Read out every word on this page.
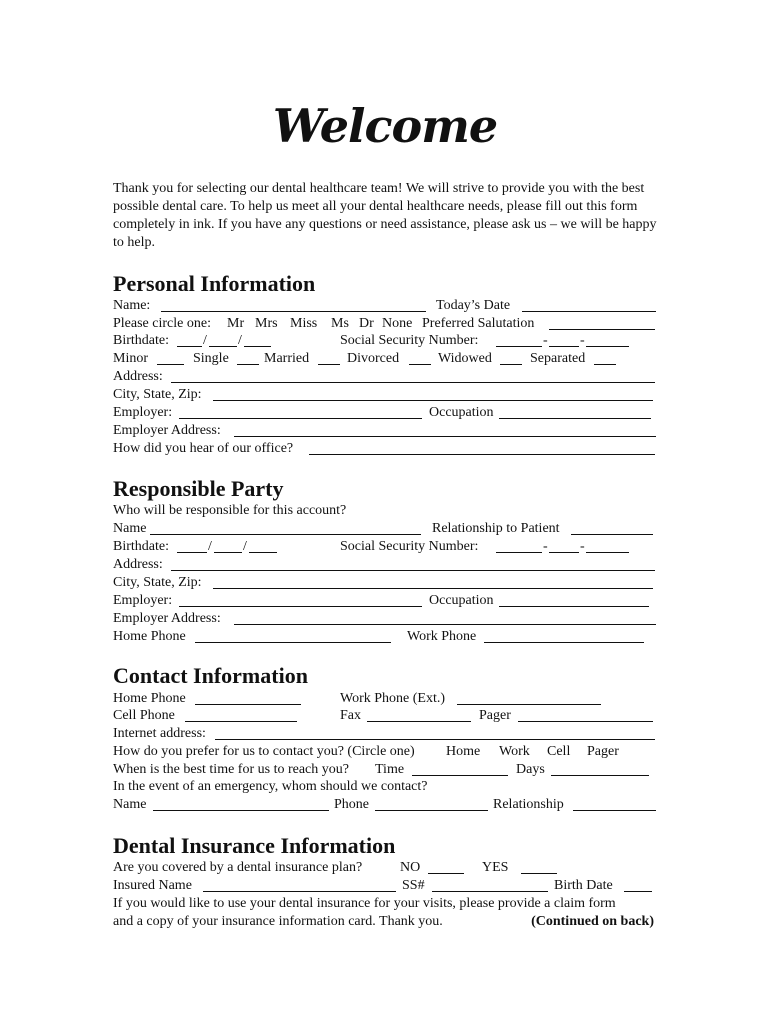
Welcome
Thank you for selecting our dental healthcare team! We will strive to provide you with the best possible dental care. To help us meet all your dental healthcare needs, please fill out this form completely in ink. If you have any questions or need assistance, please ask us – we will be happy to help.
Personal Information
Name:	Today’s Date
Please circle one: Mr Mrs Miss Ms Dr None Preferred Salutation
Birthdate: / /	Social Security Number:	- -
Minor	Single	Married	Divorced	Widowed	Separated
Address:
City, State, Zip:
Employer:	Occupation
Employer Address:
How did you hear of our office?
Responsible Party
Who will be responsible for this account?
Name	Relationship to Patient
Birthdate:	/ /	Social Security Number:	- -
Address:
City, State, Zip:
Employer:	Occupation
Employer Address:
Home Phone	Work Phone
Contact Information
Home Phone	Work Phone (Ext.)
Cell Phone	Fax	Pager
Internet address:
How do you prefer for us to contact you? (Circle one) Home Work Cell Pager
When is the best time for us to reach you? Time	Days
In the event of an emergency, whom should we contact?
Name	Phone	Relationship
Dental Insurance Information
Are you covered by a dental insurance plan?	NO	YES
Insured Name	SS#	Birth Date
If you would like to use your dental insurance for your visits, please provide a claim form
and a copy of your insurance information card. Thank you.	(Continued on back)
